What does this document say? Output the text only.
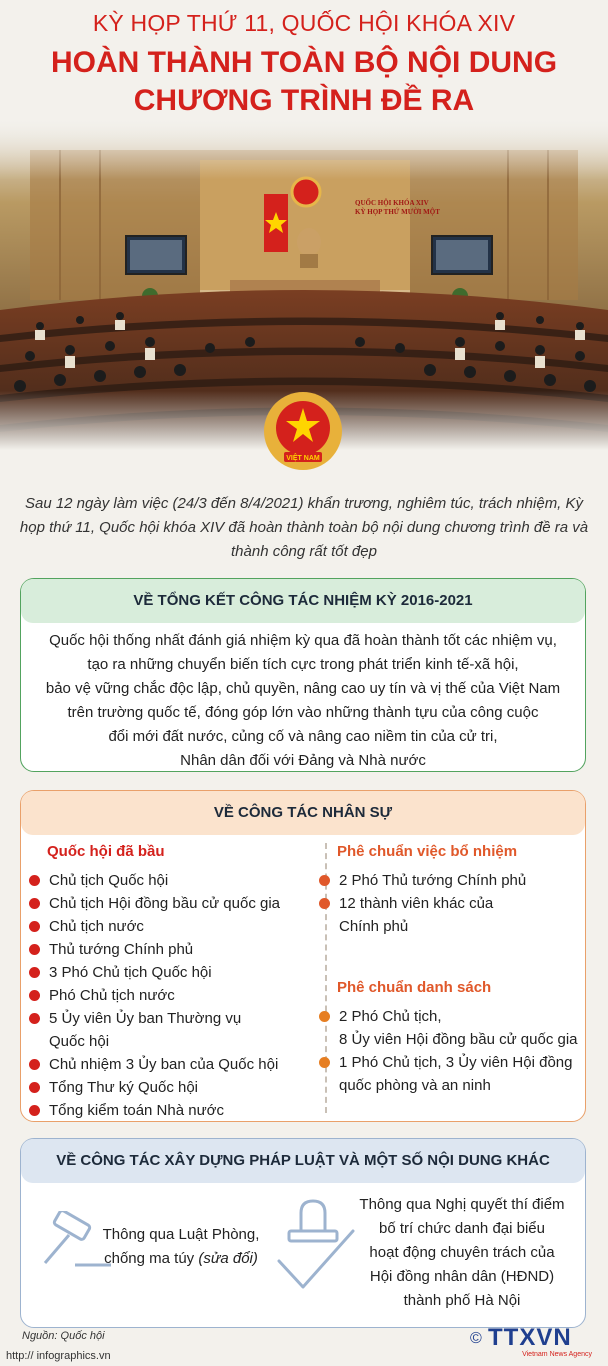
KỲ HỌP THỨ 11, QUỐC HỘI KHÓA XIV
HOÀN THÀNH TOÀN BỘ NỘI DUNG
CHƯƠNG TRÌNH ĐỀ RA
VIỆT NAM
Sau 12 ngày làm việc (24/3 đến 8/4/2021) khẩn trương, nghiêm túc, trách nhiệm, Kỳ họp thứ 11, Quốc hội khóa XIV đã hoàn thành toàn bộ nội dung chương trình đề ra và thành công rất tốt đẹp
VỀ TỔNG KẾT CÔNG TÁC NHIỆM KỲ 2016-2021
Quốc hội thống nhất đánh giá nhiệm kỳ qua đã hoàn thành tốt các nhiệm vụ,
tạo ra những chuyển biến tích cực trong phát triển kinh tế-xã hội,
bảo vệ vững chắc độc lập, chủ quyền, nâng cao uy tín và vị thế của Việt Nam
trên trường quốc tế, đóng góp lớn vào những thành tựu của công cuộc
đổi mới đất nước, củng cố và nâng cao niềm tin của cử tri,
Nhân dân đối với Đảng và Nhà nước
VỀ CÔNG TÁC NHÂN SỰ
Quốc hội đã bầu
Chủ tịch Quốc hội
Chủ tịch Hội đồng bầu cử quốc gia
Chủ tịch nước
Thủ tướng Chính phủ
3 Phó Chủ tịch Quốc hội
Phó Chủ tịch nước
5 Ủy viên Ủy ban Thường vụ
Quốc hội
Chủ nhiệm 3 Ủy ban của Quốc hội
Tổng Thư ký Quốc hội
Tổng kiểm toán Nhà nước
Phê chuẩn việc bổ nhiệm
2 Phó Thủ tướng Chính phủ
12 thành viên khác của
Chính phủ
Phê chuẩn danh sách
2 Phó Chủ tịch,
8 Ủy viên Hội đồng bầu cử quốc gia
1 Phó Chủ tịch, 3 Ủy viên Hội đồng
quốc phòng và an ninh
VỀ CÔNG TÁC XÂY DỰNG PHÁP LUẬT VÀ MỘT SỐ NỘI DUNG KHÁC
Thông qua Luật Phòng,
chống ma túy (sửa đổi)
Thông qua Nghị quyết thí điểm
bố trí chức danh đại biểu
hoạt động chuyên trách của
Hội đồng nhân dân (HĐND)
thành phố Hà Nội
Nguồn: Quốc hội
http:// infographics.vn
© TTXVN
Vietnam News Agency
